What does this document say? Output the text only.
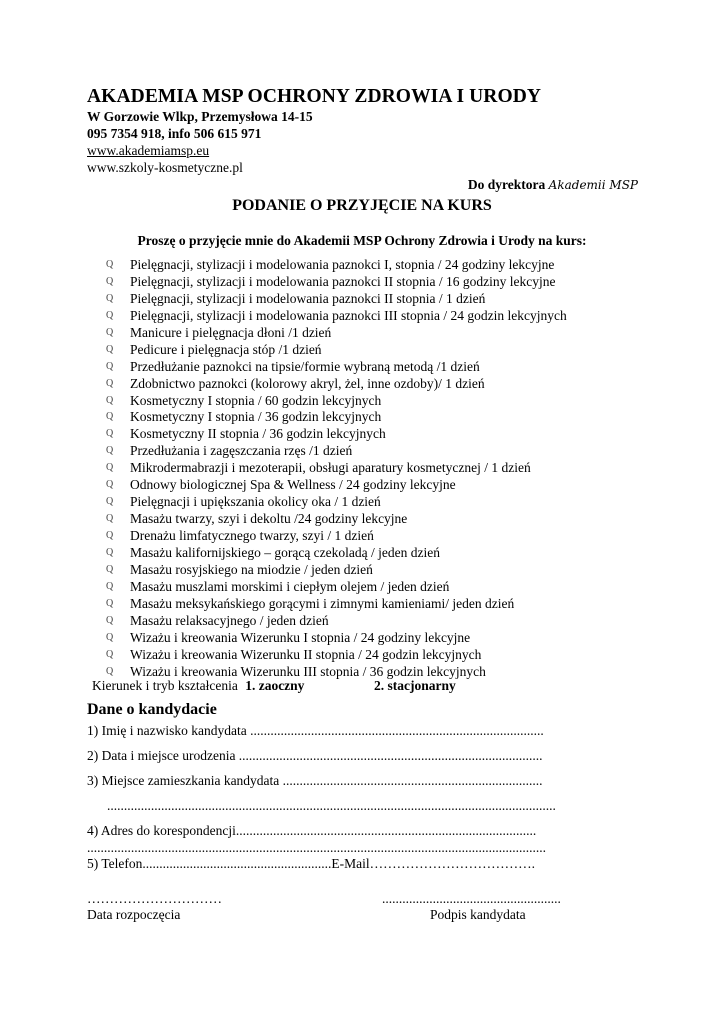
AKADEMIA MSP OCHRONY ZDROWIA I URODY
W Gorzowie Wlkp, Przemysłowa 14-15
095 7354 918, info 506 615 971
www.akademiamsp.eu
www.szkoly-kosmetyczne.pl
Do dyrektora Akademii MSP
PODANIE O PRZYJĘCIE NA KURS
Proszę o przyjęcie mnie do Akademii MSP Ochrony Zdrowia i Urody na kurs:
Q	Pielęgnacji, stylizacji i modelowania paznokci I, stopnia / 24 godziny lekcyjne
Q	Pielęgnacji, stylizacji i modelowania paznokci II stopnia / 16 godziny lekcyjne
Q	Pielęgnacji, stylizacji i modelowania paznokci II stopnia / 1 dzień
Q	Pielęgnacji, stylizacji i modelowania paznokci III stopnia / 24 godzin lekcyjnych
Q	Manicure i pielęgnacja dłoni /1 dzień
Q	Pedicure i pielęgnacja stóp /1 dzień
Q	Przedłużanie paznokci na tipsie/formie wybraną metodą /1 dzień
Q	Zdobnictwo paznokci (kolorowy akryl, żel, inne ozdoby)/ 1 dzień
Q	Kosmetyczny I stopnia / 60 godzin lekcyjnych
Q	Kosmetyczny I stopnia / 36 godzin lekcyjnych
Q	Kosmetyczny II stopnia / 36 godzin lekcyjnych
Q	Przedłużania i zagęszczania rzęs /1 dzień
Q	Mikrodermabrazji i mezoterapii, obsługi aparatury kosmetycznej / 1 dzień
Q	Odnowy biologicznej Spa & Wellness / 24 godziny lekcyjne
Q	Pielęgnacji i upiększania okolicy oka / 1 dzień
Q	Masażu twarzy, szyi i dekoltu /24 godziny lekcyjne
Q	Drenażu limfatycznego twarzy, szyi / 1 dzień
Q	Masażu kalifornijskiego – gorącą czekoladą / jeden dzień
Q	Masażu rosyjskiego na miodzie / jeden dzień
Q	Masażu muszlami morskimi i ciepłym olejem / jeden dzień
Q	Masażu meksykańskiego gorącymi i zimnymi kamieniami/ jeden dzień
Q	Masażu relaksacyjnego / jeden dzień
Q	Wizażu i kreowania Wizerunku I stopnia / 24 godziny lekcyjne
Q	Wizażu i kreowania Wizerunku II stopnia / 24 godzin lekcyjnych
Q	Wizażu i kreowania Wizerunku III stopnia / 36 godzin lekcyjnych
Kierunek i tryb kształcenia 1. zaoczny	2. stacjonarny
Dane o kandydacie
1) Imię i nazwisko kandydata .......................................................................................
2) Data i miejsce urodzenia ..........................................................................................
3) Miejsce zamieszkania kandydata .............................................................................
.....................................................................................................................................
4) Adres do korespondencji.........................................................................................
........................................................................................................................................
5) Telefon........................................................E-Mail……………………………….
…………………………	.....................................................
Data rozpoczęcia	Podpis kandydata
